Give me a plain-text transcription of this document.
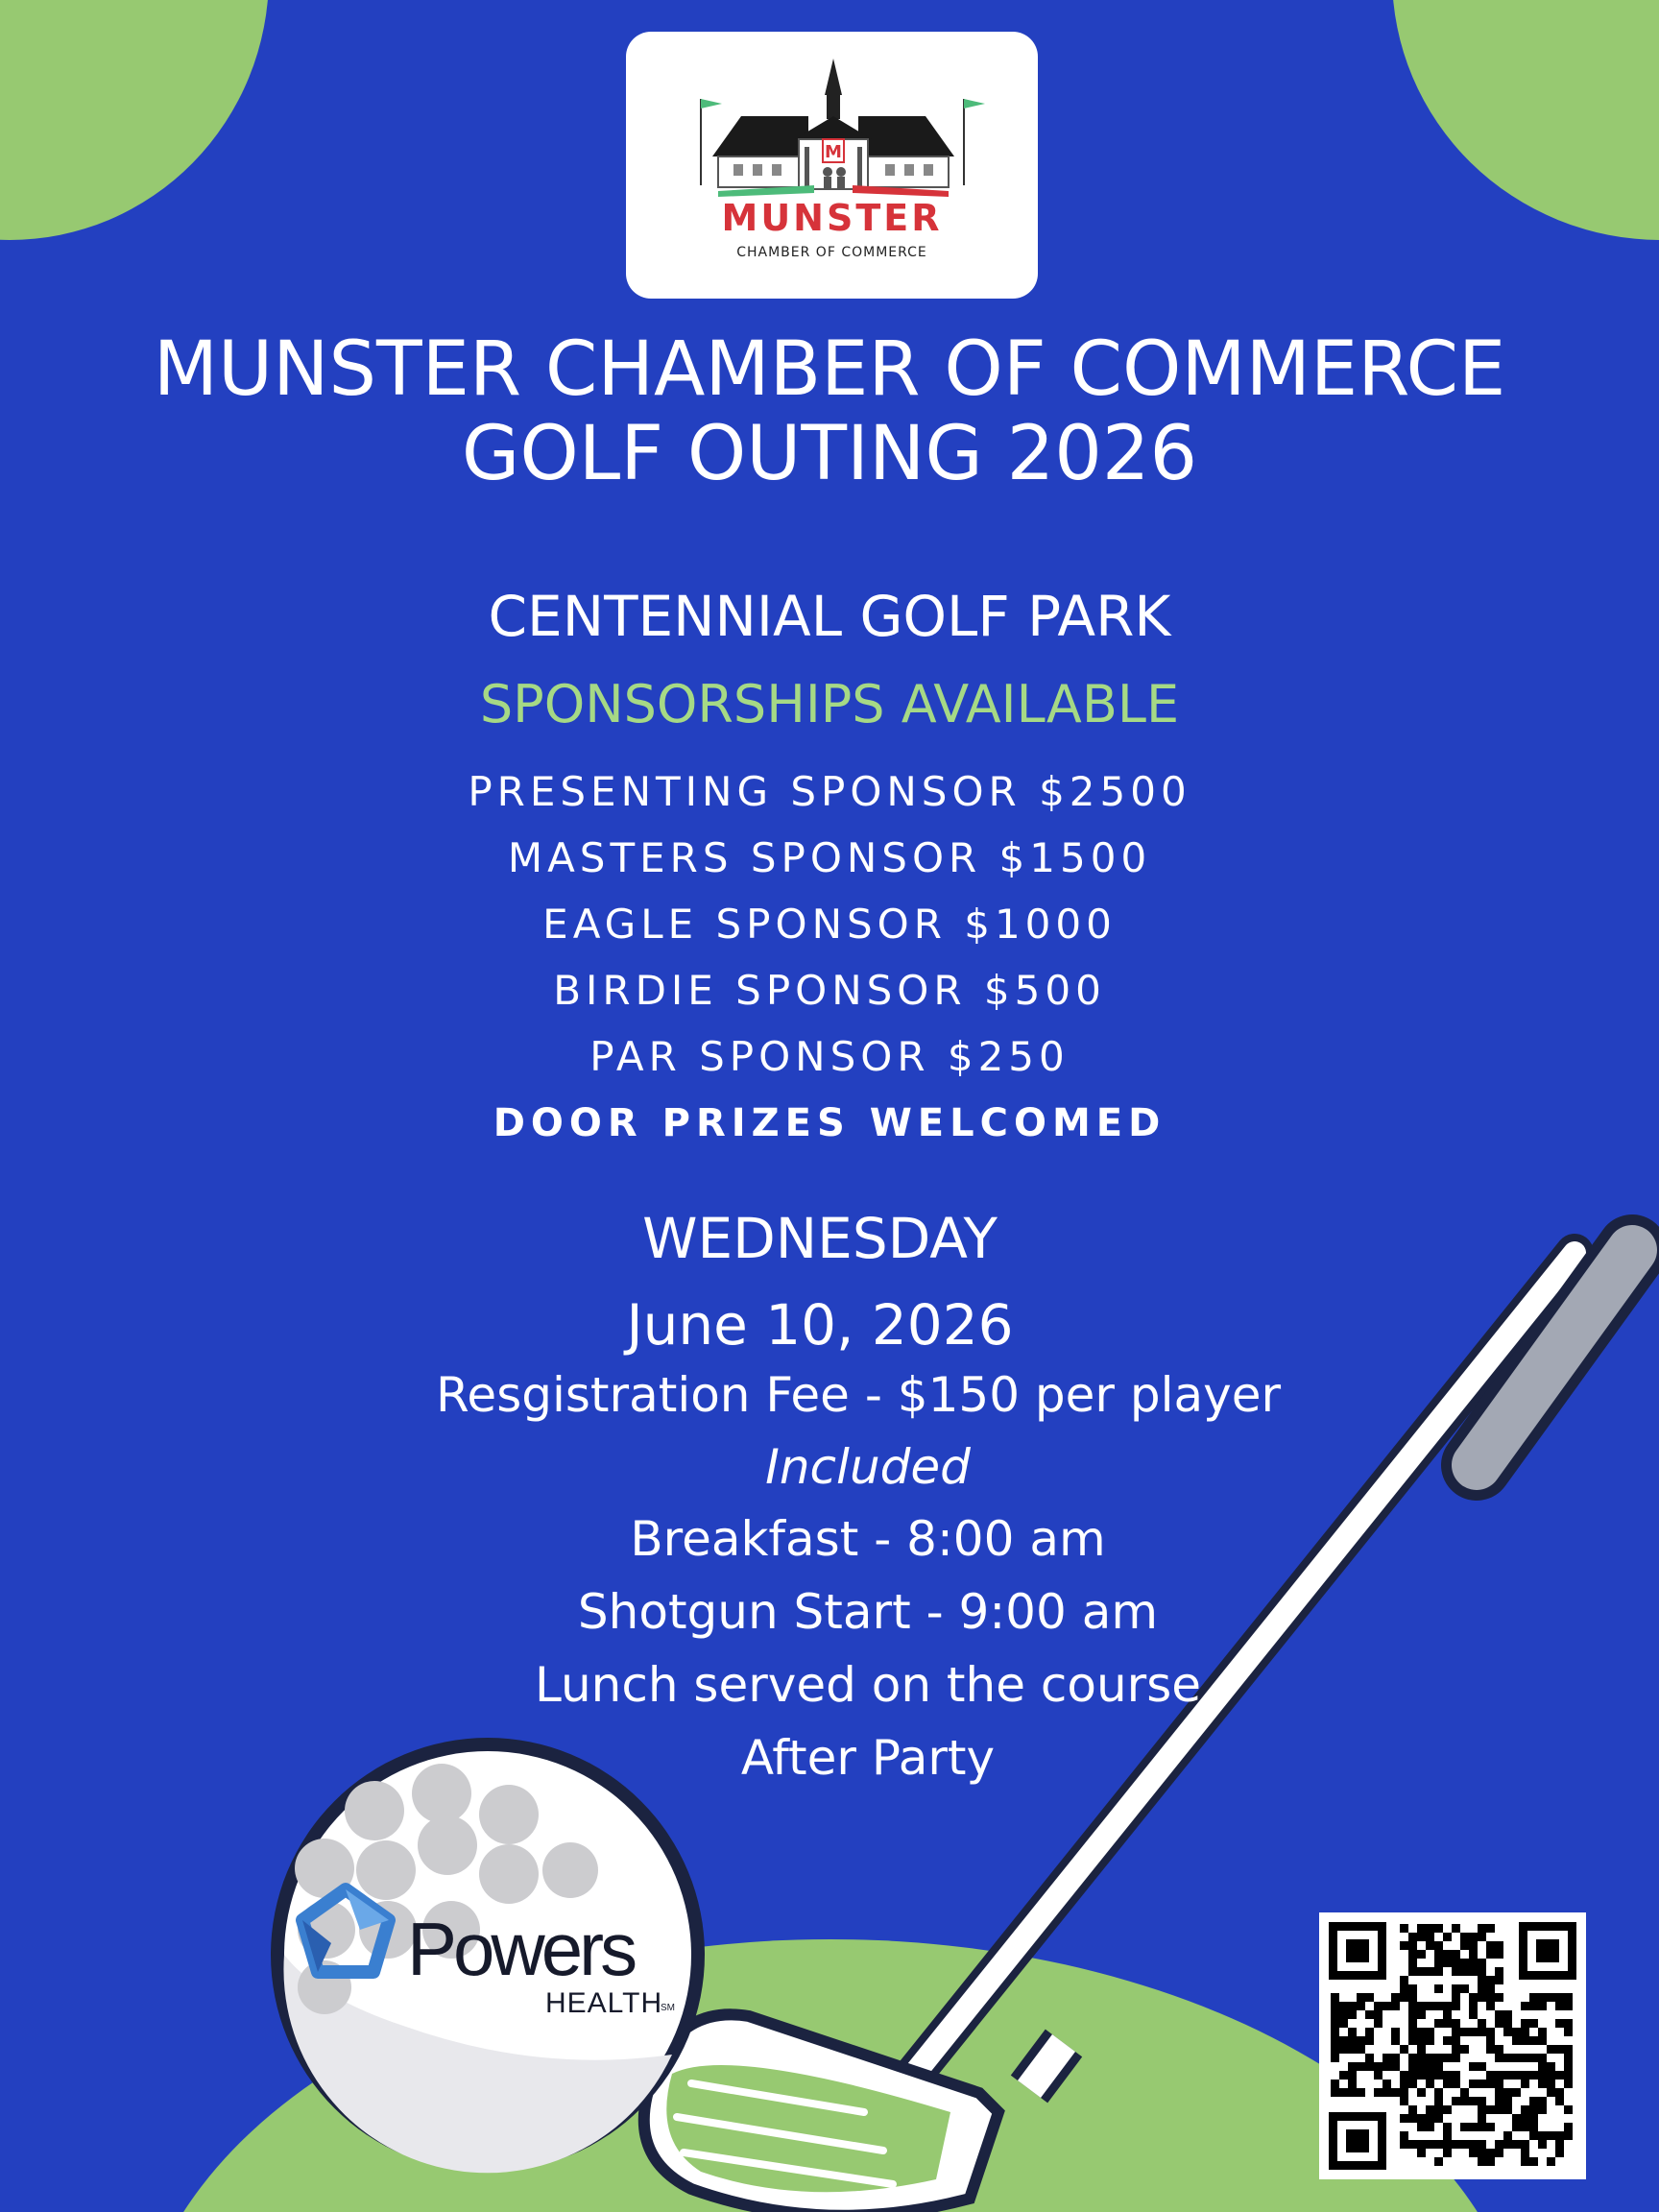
M
MUNSTER
CHAMBER OF COMMERCE
MUNSTER CHAMBER OF COMMERCE
GOLF OUTING 2026
CENTENNIAL GOLF PARK
SPONSORSHIPS AVAILABLE
PRESENTING SPONSOR $2500
MASTERS SPONSOR $1500
EAGLE SPONSOR $1000
BIRDIE SPONSOR $500
PAR SPONSOR $250
DOOR PRIZES WELCOMED
Powers
HEALTH
SM
WEDNESDAY
June 10, 2026
Resgistration Fee - $150 per player
Included
Breakfast - 8:00 am
Shotgun Start - 9:00 am
Lunch served on the course
After Party
